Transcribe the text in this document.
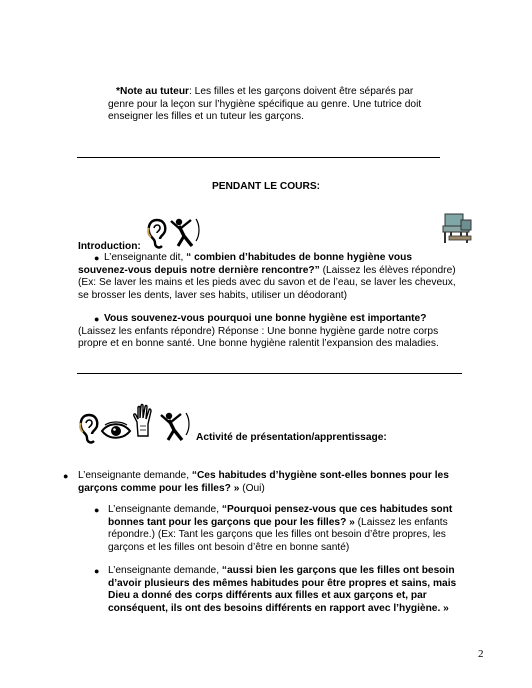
*Note au tuteur: Les filles et les garçons doivent être séparés par genre pour la leçon sur l’hygiène spécifique au genre. Une tutrice doit enseigner les filles et un tuteur les garçons.
PENDANT LE COURS:
Introduction:
● L’enseignante dit, “ combien d’habitudes de bonne hygiène vous souvenez-vous depuis notre dernière rencontre?” (Laissez les élèves répondre) (Ex: Se laver les mains et les pieds avec du savon et de l’eau, se laver les cheveux, se brosser les dents, laver ses habits, utiliser un déodorant)
● Vous souvenez-vous pourquoi une bonne hygiène est importante? (Laissez les enfants répondre) Réponse : Une bonne hygiène garde notre corps propre et en bonne santé. Une bonne hygiène ralentit l’expansion des maladies.
Activité de présentation/apprentissage:
● L’enseignante demande, “Ces habitudes d’hygiène sont-elles bonnes pour les garçons comme pour les filles? » (Oui)
● L’enseignante demande, “Pourquoi pensez-vous que ces habitudes sont bonnes tant pour les garçons que pour les filles? » (Laissez les enfants répondre.) (Ex: Tant les garçons que les filles ont besoin d’être propres, les garçons et les filles ont besoin d’être en bonne santé)
● L’enseignante demande, “aussi bien les garçons que les filles ont besoin d’avoir plusieurs des mêmes habitudes pour être propres et sains, mais Dieu a donné des corps différents aux filles et aux garçons et, par conséquent, ils ont des besoins différents en rapport avec l’hygiène. »
2
